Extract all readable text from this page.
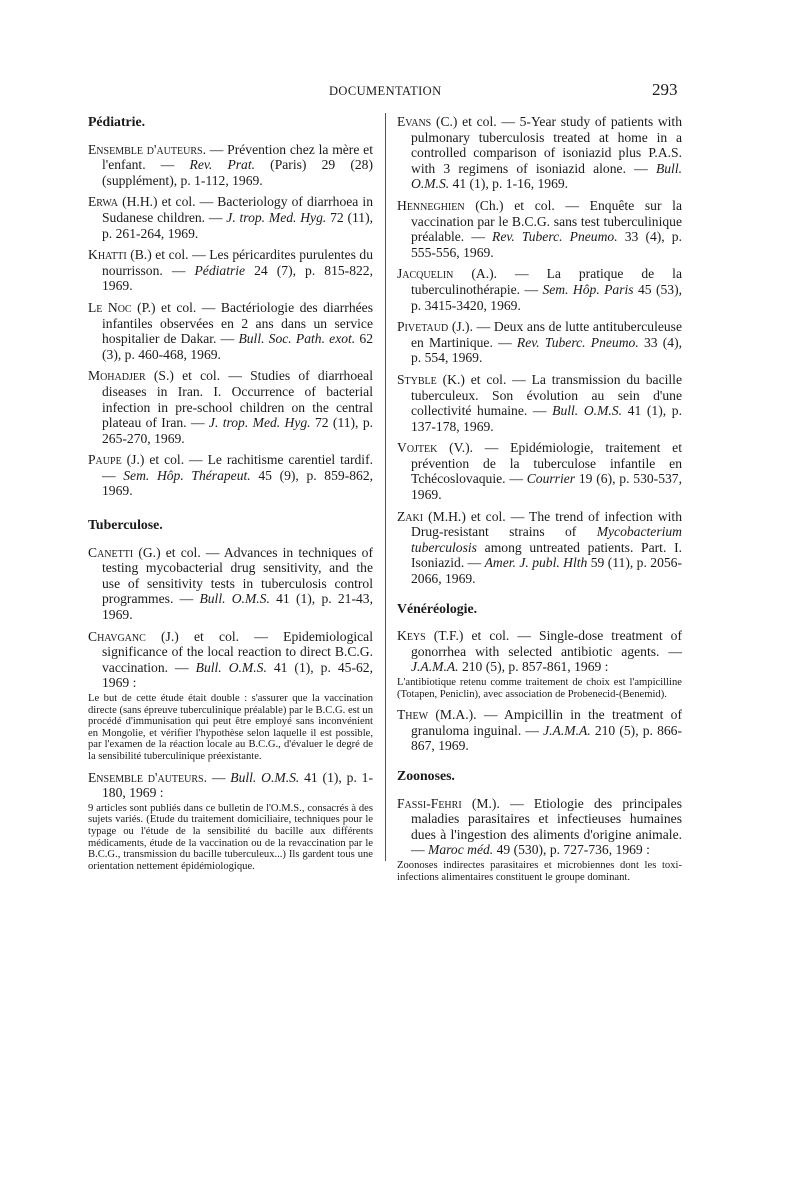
DOCUMENTATION	293
Pédiatrie.

Ensemble d'auteurs. — Prévention chez la mère et l'enfant. — Rev. Prat. (Paris) 29 (28) (supplément), p. 1-112, 1969.

Erwa (H.H.) et col. — Bacteriology of diarrhoea in Sudanese children. — J. trop. Med. Hyg. 72 (11), p. 261-264, 1969.

Khatti (B.) et col. — Les péricardites purulentes du nourrisson. — Pédiatrie 24 (7), p. 815-822, 1969.

Le Noc (P.) et col. — Bactériologie des diarrhées infantiles observées en 2 ans dans un service hospitalier de Dakar. — Bull. Soc. Path. exot. 62 (3), p. 460-468, 1969.

Mohadjer (S.) et col. — Studies of diarrhoeal diseases in Iran. I. Occurrence of bacterial infection in pre-school children on the central plateau of Iran. — J. trop. Med. Hyg. 72 (11), p. 265-270, 1969.

Paupe (J.) et col. — Le rachitisme carentiel tardif. — Sem. Hôp. Thérapeut. 45 (9), p. 859-862, 1969.

Tuberculose.

Canetti (G.) et col. — Advances in techniques of testing mycobacterial drug sensitivity, and the use of sensitivity tests in tuberculosis control programmes. — Bull. O.M.S. 41 (1), p. 21-43, 1969.

Chavganc (J.) et col. — Epidemiological significance of the local reaction to direct B.C.G. vaccination. — Bull. O.M.S. 41 (1), p. 45-62, 1969 :

Le but de cette étude était double : s'assurer que la vaccination directe (sans épreuve tuberculinique préalable) par le B.C.G. est un procédé d'immunisation qui peut être employé sans inconvénient en Mongolie, et vérifier l'hypothèse selon laquelle il est possible, par l'examen de la réaction locale au B.C.G., d'évaluer le degré de la sensibilité tuberculinique préexistante.

Ensemble d'auteurs. — Bull. O.M.S. 41 (1), p. 1-180, 1969 :

9 articles sont publiés dans ce bulletin de l'O.M.S., consacrés à des sujets variés. (Etude du traitement domiciliaire, techniques pour le typage ou l'étude de la sensibilité du bacille aux différents médicaments, étude de la vaccination ou de la revaccination par le B.C.G., transmission du bacille tuberculeux...) Ils gardent tous une orientation nettement épidémiologique.

Evans (C.) et col. — 5-Year study of patients with pulmonary tuberculosis treated at home in a controlled comparison of isoniazid plus P.A.S. with 3 regimens of isoniazid alone. — Bull. O.M.S. 41 (1), p. 1-16, 1969.

Henneghien (Ch.) et col. — Enquête sur la vaccination par le B.C.G. sans test tuberculinique préalable. — Rev. Tuberc. Pneumo. 33 (4), p. 555-556, 1969.

Jacquelin (A.). — La pratique de la tuberculinothérapie. — Sem. Hôp. Paris 45 (53), p. 3415-3420, 1969.

Pivetaud (J.). — Deux ans de lutte antituberculeuse en Martinique. — Rev. Tuberc. Pneumo. 33 (4), p. 554, 1969.

Styble (K.) et col. — La transmission du bacille tuberculeux. Son évolution au sein d'une collectivité humaine. — Bull. O.M.S. 41 (1), p. 137-178, 1969.

Vojtek (V.). — Epidémiologie, traitement et prévention de la tuberculose infantile en Tchécoslovaquie. — Courrier 19 (6), p. 530-537, 1969.

Zaki (M.H.) et col. — The trend of infection with Drug-resistant strains of Mycobacterium tuberculosis among untreated patients. Part. I. Isoniazid. — Amer. J. publ. Hlth 59 (11), p. 2056-2066, 1969.

Vénéréologie.

Keys (T.F.) et col. — Single-dose treatment of gonorrhea with selected antibiotic agents. — J.A.M.A. 210 (5), p. 857-861, 1969 :

L'antibiotique retenu comme traitement de choix est l'ampicilline (Totapen, Peniclin), avec association de Probenecid-(Benemid).

Thew (M.A.). — Ampicillin in the treatment of granuloma inguinal. — J.A.M.A. 210 (5), p. 866-867, 1969.

Zoonoses.

Fassi-Fehri (M.). — Etiologie des principales maladies parasitaires et infectieuses humaines dues à l'ingestion des aliments d'origine animale. — Maroc méd. 49 (530), p. 727-736, 1969 :

Zoonoses indirectes parasitaires et microbiennes dont les toxi-infections alimentaires constituent le groupe dominant.
